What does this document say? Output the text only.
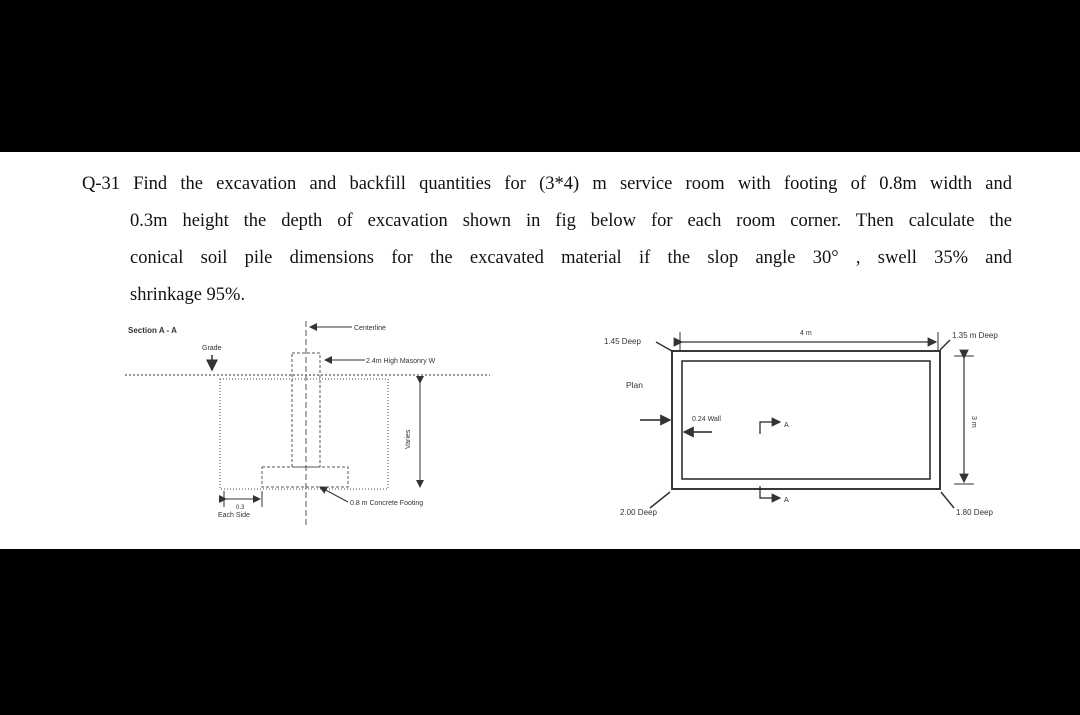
Q-31 Find the excavation and backfill quantities for (3*4) m service room with footing of 0.8m width and

0.3m height the depth of excavation shown in fig below for each room corner. Then calculate the

conical soil pile dimensions for the excavated material if the slop angle 30° , swell 35% and

shrinkage 95%.

Section A - A
Grade
Centerline
2.4m High Masonry W
Varies
0.8 m Concrete Footing
0.3
Each Side
1.45 Deep
Plan
4 m	1.35 m Deep
0.24 Wall
A
A
3 m
2.00 Deep	1.80 Deep
